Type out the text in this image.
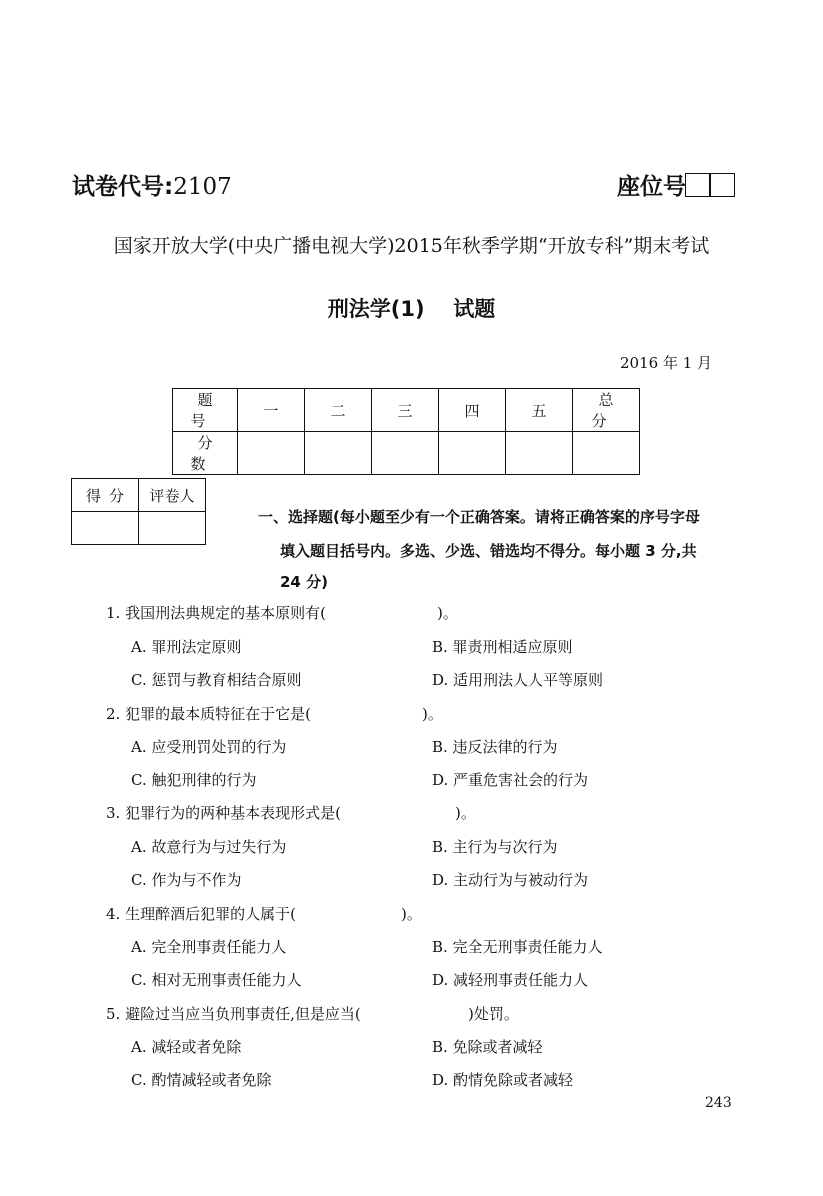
试卷代号:2107	座位号
国家开放大学(中央广播电视大学)2015年秋季学期“开放专科”期末考试
刑法学(1) 试题
2016 年 1 月
题号	一	二	三	四	五	总分
分数						
得分	评卷人

一、选择题(每小题至少有一个正确答案。请将正确答案的序号字母
填入题目括号内。多选、少选、错选均不得分。每小题 3 分,共
24 分)
1. 我国刑法典规定的基本原则有(	)。
A. 罪刑法定原则	B. 罪责刑相适应原则
C. 惩罚与教育相结合原则	D. 适用刑法人人平等原则
2. 犯罪的最本质特征在于它是(	)。
A. 应受刑罚处罚的行为	B. 违反法律的行为
C. 触犯刑律的行为	D. 严重危害社会的行为
3. 犯罪行为的两种基本表现形式是(	)。
A. 故意行为与过失行为	B. 主行为与次行为
C. 作为与不作为	D. 主动行为与被动行为
4. 生理醉酒后犯罪的人属于(	)。
A. 完全刑事责任能力人	B. 完全无刑事责任能力人
C. 相对无刑事责任能力人	D. 减轻刑事责任能力人
5. 避险过当应当负刑事责任,但是应当(	)处罚。
A. 减轻或者免除	B. 免除或者减轻
C. 酌情减轻或者免除	D. 酌情免除或者减轻
243
